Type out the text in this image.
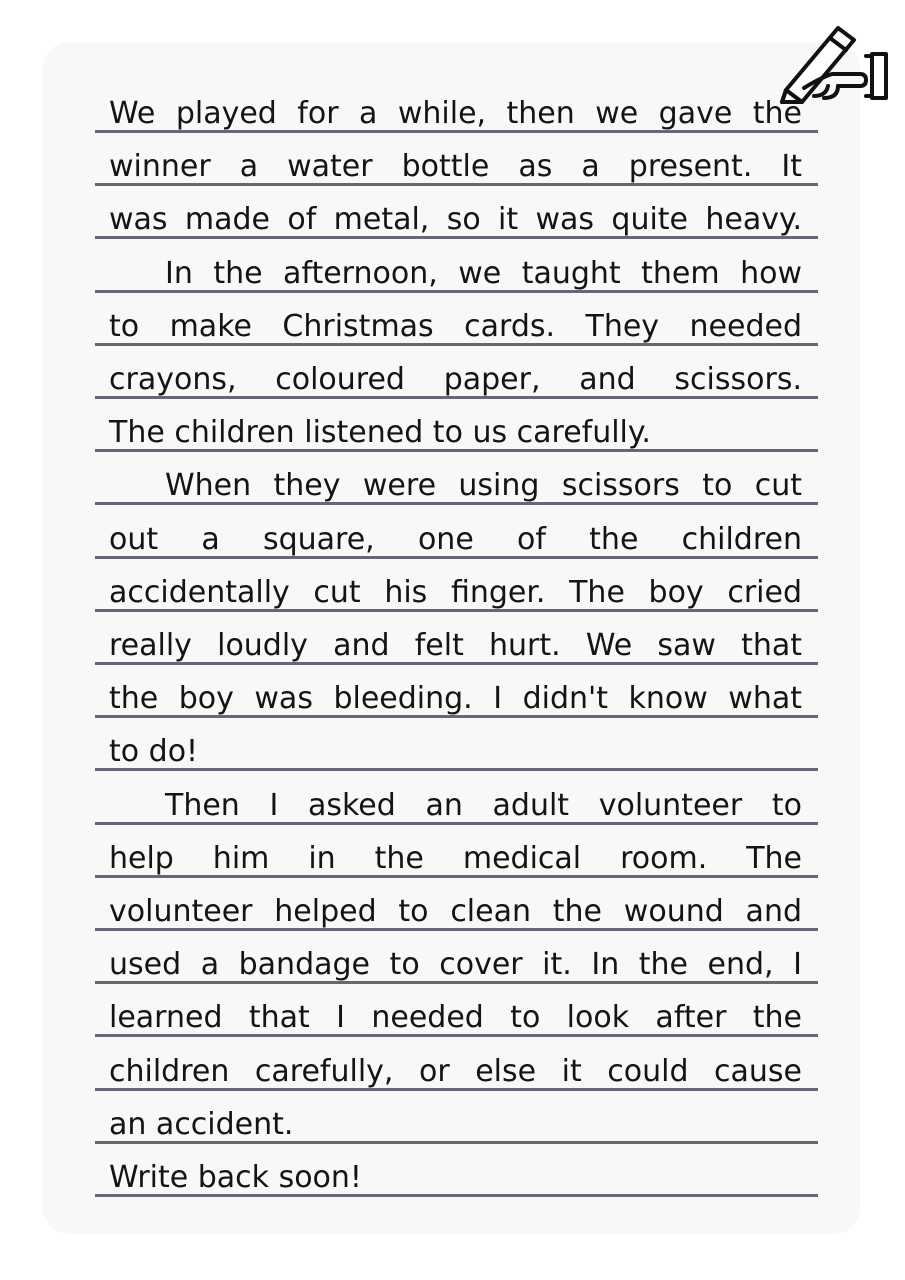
We played for a while, then we gave the
winner a water bottle as a present. It
was made of metal, so it was quite heavy.
In the afternoon, we taught them how
to make Christmas cards. They needed
crayons, coloured paper, and scissors.
The children listened to us carefully.
When they were using scissors to cut
out a square, one of the children
accidentally cut his finger. The boy cried
really loudly and felt hurt. We saw that
the boy was bleeding. I didn't know what
to do!
Then I asked an adult volunteer to
help him in the medical room. The
volunteer helped to clean the wound and
used a bandage to cover it. In the end, I
learned that I needed to look after the
children carefully, or else it could cause
an accident.
Write back soon!
